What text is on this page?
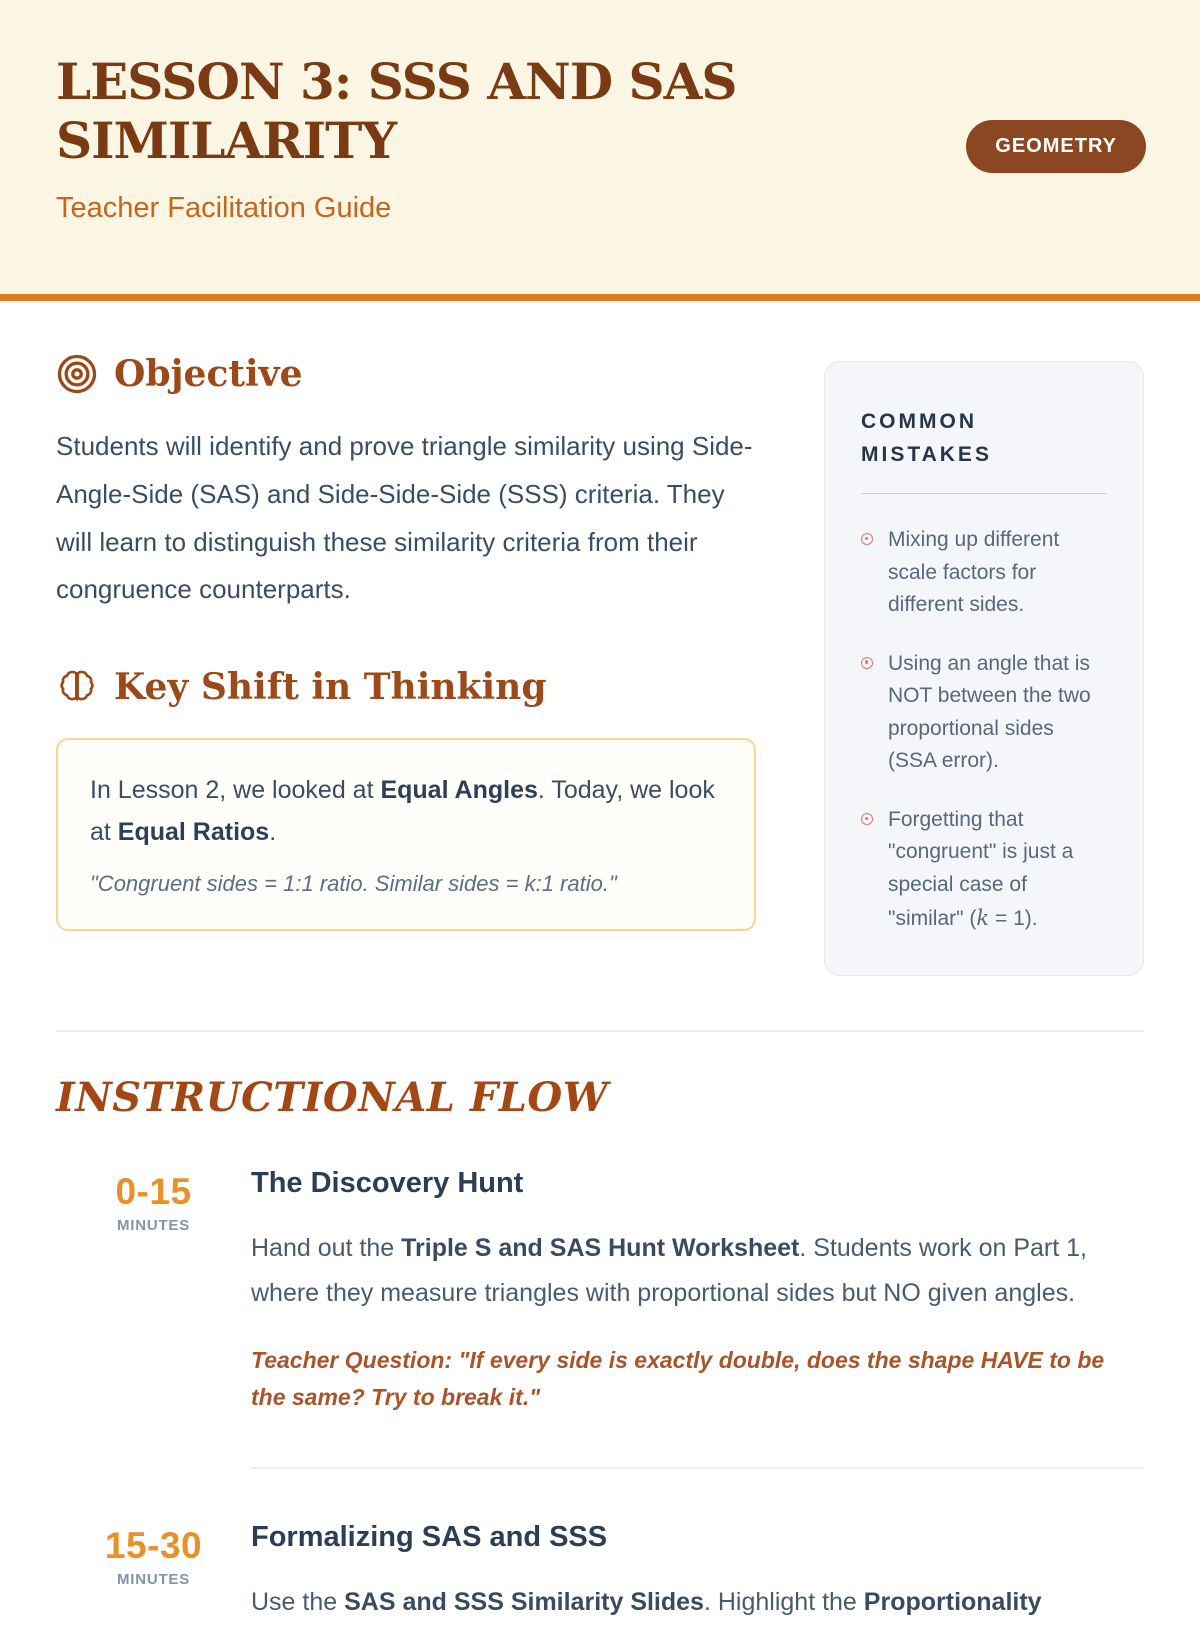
LESSON 3: SSS AND SAS SIMILARITY
Teacher Facilitation Guide
GEOMETRY
Objective

Students will identify and prove triangle similarity using Side-Angle-Side (SAS) and Side-Side-Side (SSS) criteria. They will learn to distinguish these similarity criteria from their congruence counterparts.

Key Shift in Thinking

In Lesson 2, we looked at Equal Angles. Today, we look at Equal Ratios.

"Congruent sides = 1:1 ratio. Similar sides = k:1 ratio."

COMMON MISTAKES
Mixing up different scale factors for different sides.
Using an angle that is NOT between the two proportional sides (SSA error).
Forgetting that "congruent" is just a special case of "similar" (k = 1).
INSTRUCTIONAL FLOW
0-15
MINUTES
The Discovery Hunt

Hand out the Triple S and SAS Hunt Worksheet. Students work on Part 1, where they measure triangles with proportional sides but NO given angles.

Teacher Question: "If every side is exactly double, does the shape HAVE to be the same? Try to break it."

15-30
MINUTES
Formalizing SAS and SSS

Use the SAS and SSS Similarity Slides. Highlight the Proportionality
